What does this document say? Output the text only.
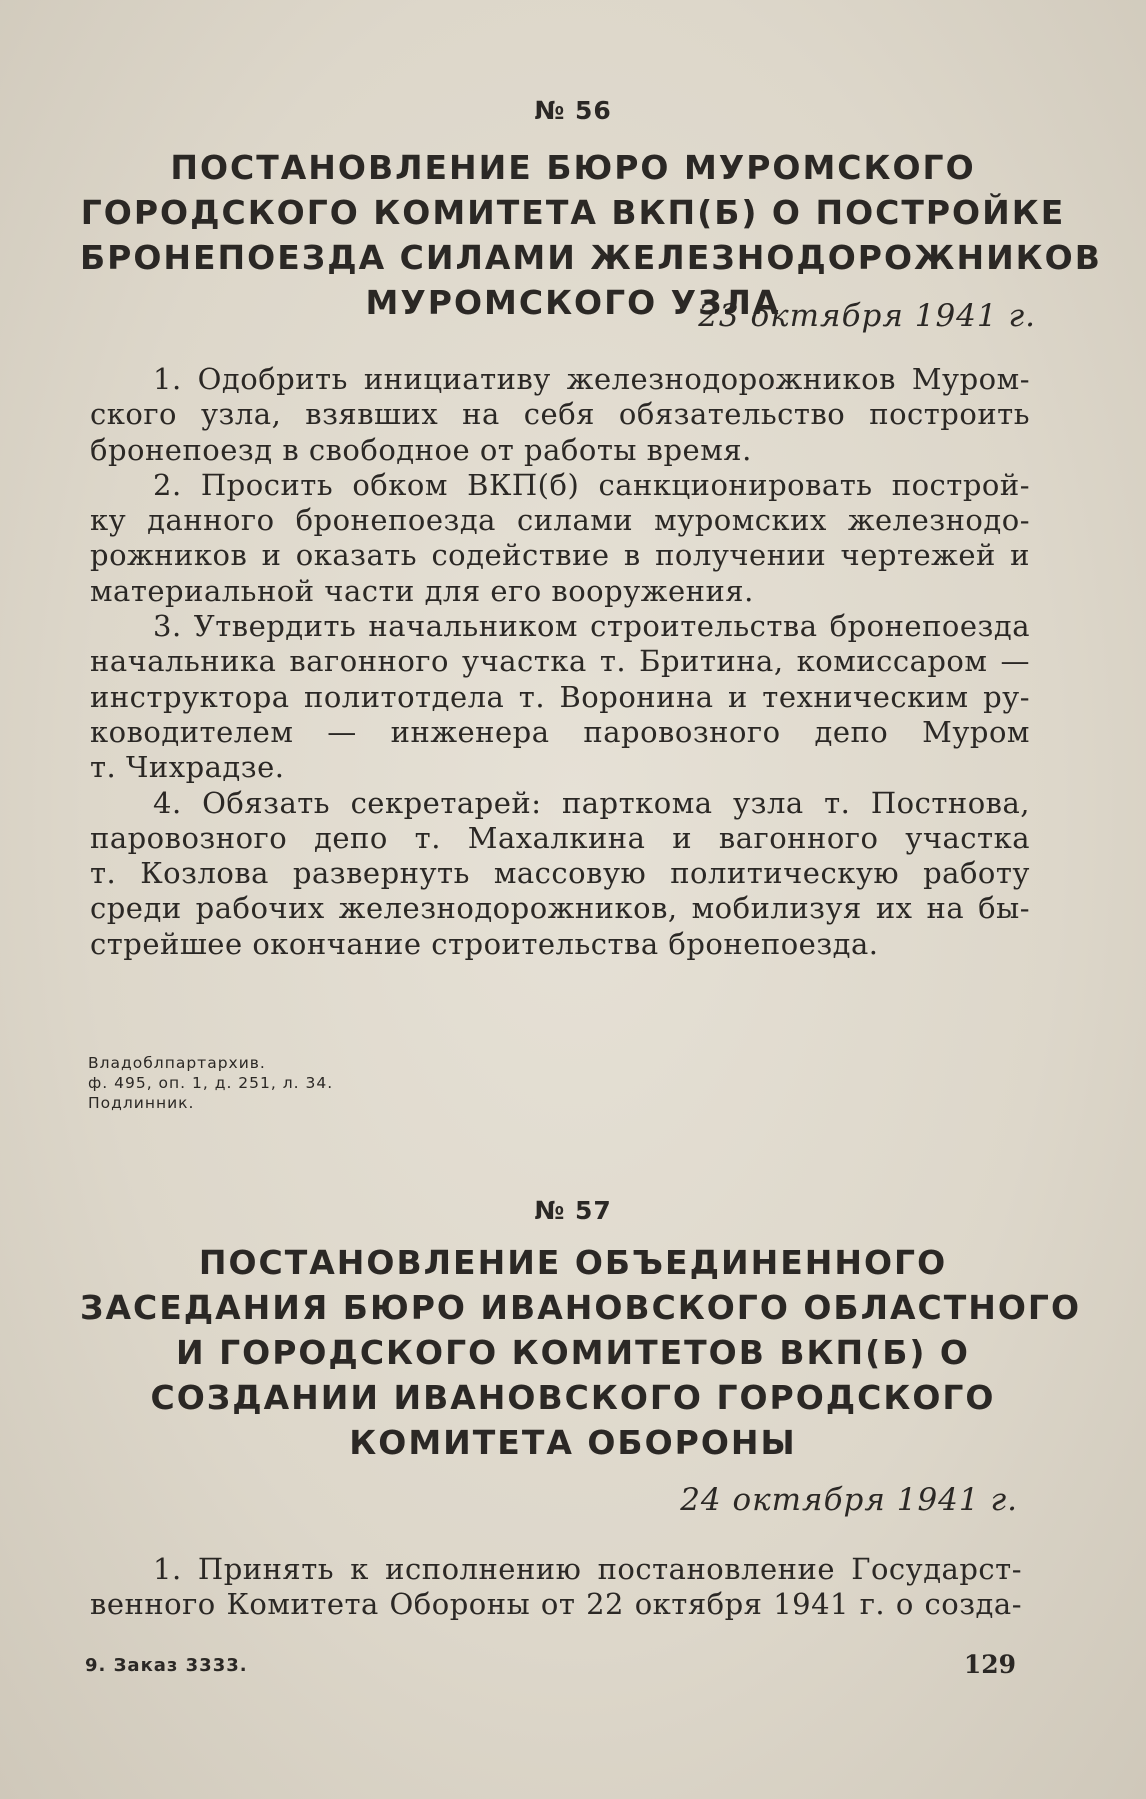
№ 56
ПОСТАНОВЛЕНИЕ БЮРО МУРОМСКОГО
ГОРОДСКОГО КОМИТЕТА ВКП(Б) О ПОСТРОЙКЕ
БРОНЕПОЕЗДА СИЛАМИ ЖЕЛЕЗНОДОРОЖНИКОВ
МУРОМСКОГО УЗЛА
23 октября 1941 г.
1. Одобрить инициативу железнодорожников Муром-
ского узла, взявших на себя обязательство построить
бронепоезд в свободное от работы время.
2. Просить обком ВКП(б) санкционировать построй-
ку данного бронепоезда силами муромских железнодо-
рожников и оказать содействие в получении чертежей и
материальной части для его вооружения.
3. Утвердить начальником строительства бронепоезда
начальника вагонного участка т. Бритина, комиссаром —
инструктора политотдела т. Воронина и техническим ру-
ководителем — инженера паровозного депо Муром
т. Чихрадзе.
4. Обязать секретарей: парткома узла т. Постнова,
паровозного депо т. Махалкина и вагонного участка
т. Козлова развернуть массовую политическую работу
среди рабочих железнодорожников, мобилизуя их на бы-
стрейшее окончание строительства бронепоезда.
Владоблпартархив.
ф. 495, оп. 1, д. 251, л. 34.
Подлинник.
№ 57
ПОСТАНОВЛЕНИЕ ОБЪЕДИНЕННОГО
ЗАСЕДАНИЯ БЮРО ИВАНОВСКОГО ОБЛАСТНОГО
И ГОРОДСКОГО КОМИТЕТОВ ВКП(Б) О
СОЗДАНИИ ИВАНОВСКОГО ГОРОДСКОГО
КОМИТЕТА ОБОРОНЫ
24 октября 1941 г.
1. Принять к исполнению постановление Государст-
венного Комитета Обороны от 22 октября 1941 г. о созда-
9. Заказ 3333.	129
